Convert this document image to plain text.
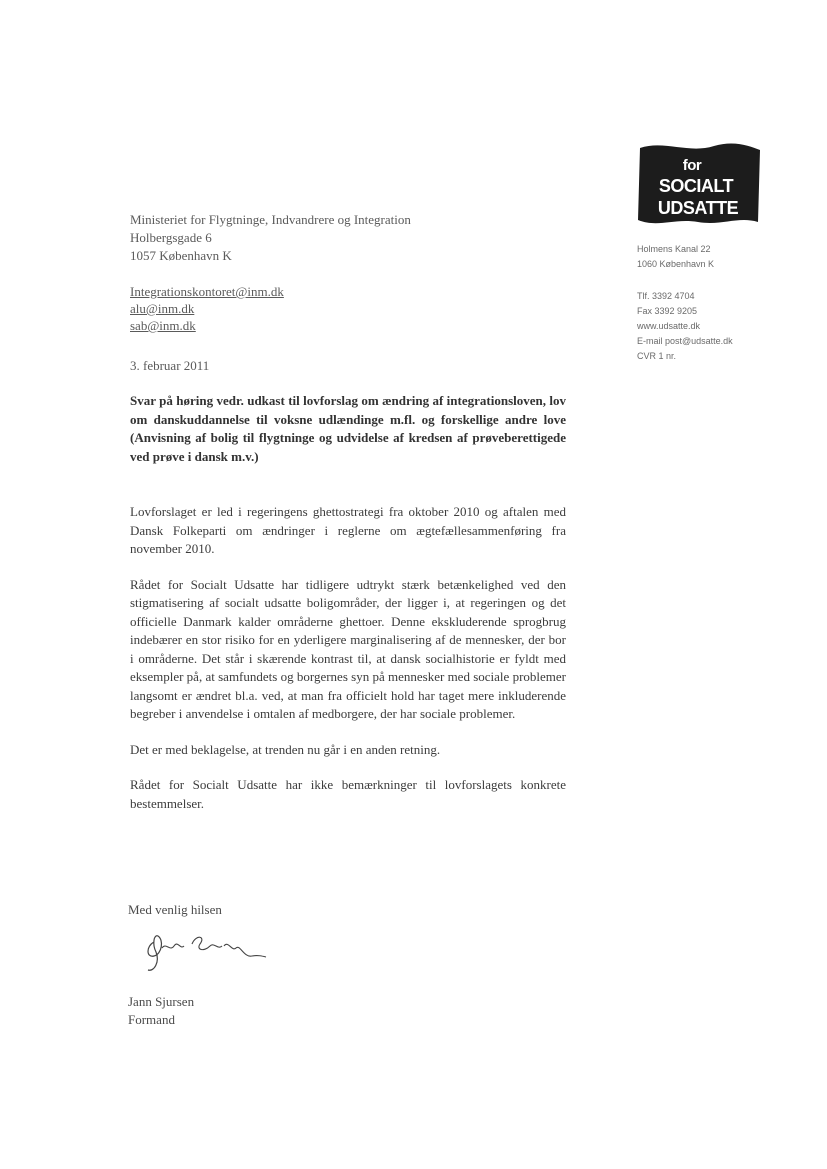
for
SOCIALT
UDSATTE
Holmens Kanal 22
1060 København K
Tlf. 3392 4704
Fax 3392 9205
www.udsatte.dk
E-mail post@udsatte.dk
CVR 1 nr.
Ministeriet for Flygtninge, Indvandrere og Integration
Holbergsgade 6
1057 København K
Integrationskontoret@inm.dk
alu@inm.dk
sab@inm.dk
3. februar 2011
Svar på høring vedr. udkast til lovforslag om ændring af integrationsloven, lov om danskuddannelse til voksne udlændinge m.fl. og forskellige andre love (Anvisning af bolig til flygtninge og udvidelse af kredsen af prøveberettigede ved prøve i dansk m.v.)

Lovforslaget er led i regeringens ghettostrategi fra oktober 2010 og aftalen med Dansk Folkeparti om ændringer i reglerne om ægtefællesammenføring fra november 2010.

Rådet for Socialt Udsatte har tidligere udtrykt stærk betænkelighed ved den stigmatisering af socialt udsatte boligområder, der ligger i, at regeringen og det officielle Danmark kalder områderne ghettoer. Denne ekskluderende sprogbrug indebærer en stor risiko for en yderligere marginalisering af de mennesker, der bor i områderne. Det står i skærende kontrast til, at dansk socialhistorie er fyldt med eksempler på, at samfundets og borgernes syn på mennesker med sociale problemer langsomt er ændret bl.a. ved, at man fra officielt hold har taget mere inkluderende begreber i anvendelse i omtalen af medborgere, der har sociale problemer.

Det er med beklagelse, at trenden nu går i en anden retning.

Rådet for Socialt Udsatte har ikke bemærkninger til lovforslagets konkrete bestemmelser.

Med venlig hilsen
Jann Sjursen
Formand
